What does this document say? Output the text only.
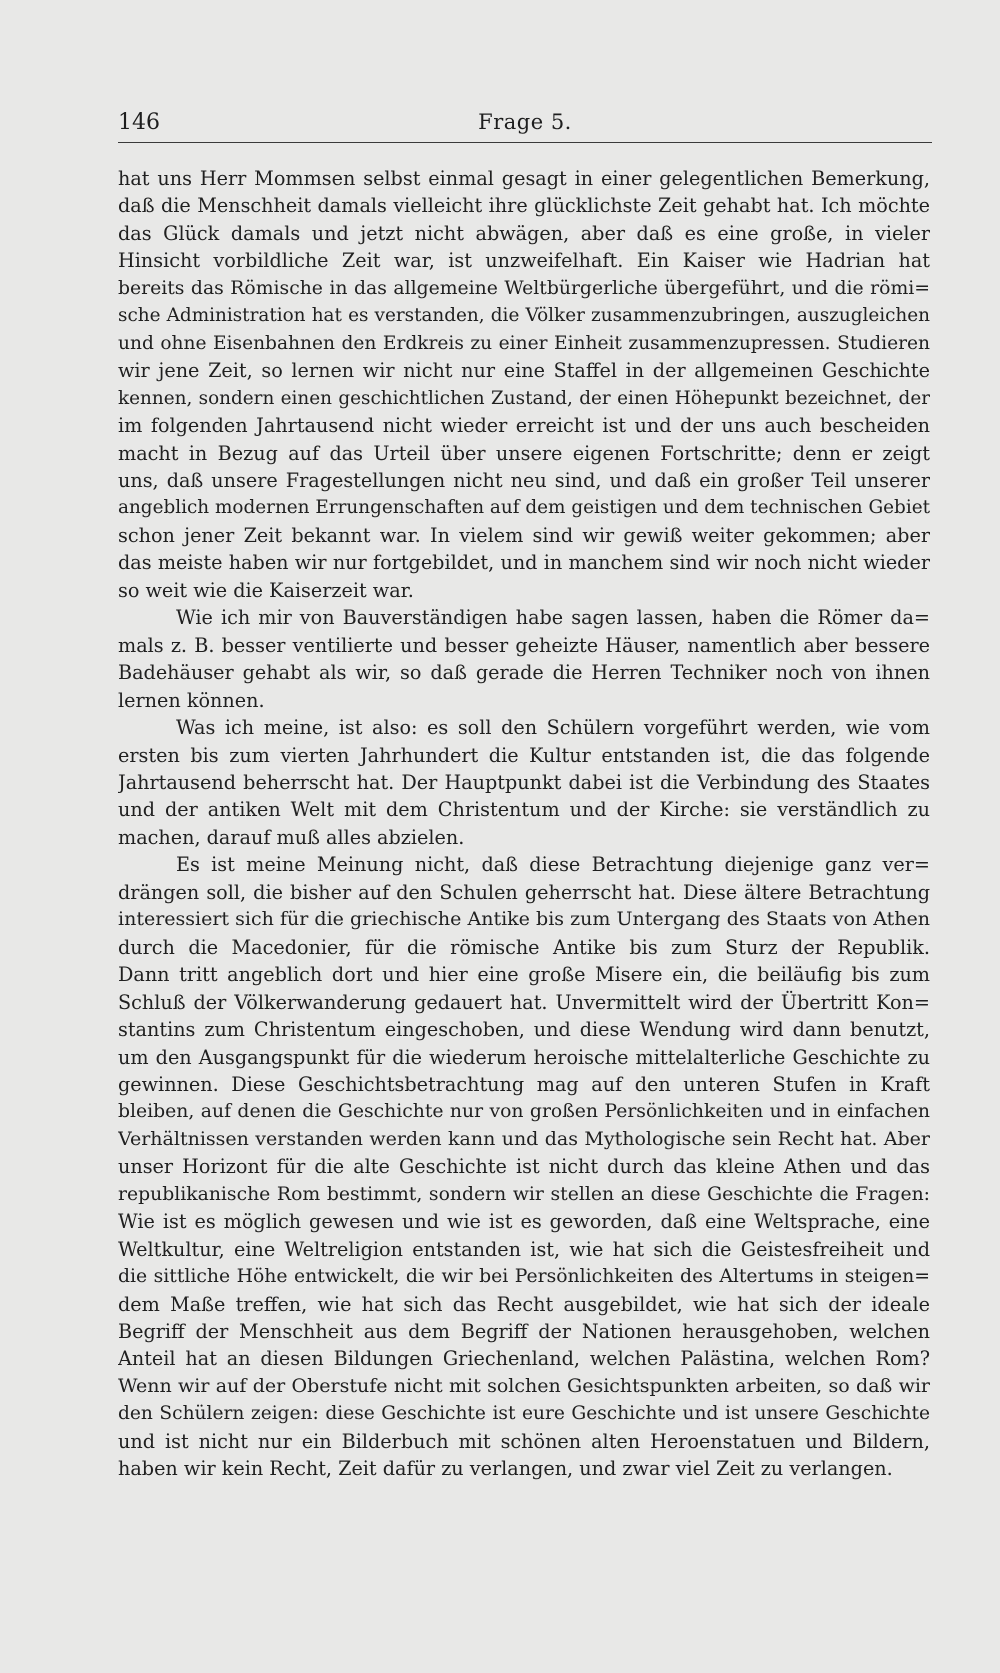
146	Frage 5.

hat uns Herr Mommsen selbst einmal gesagt in einer gelegentlichen Bemerkung,
daß die Menschheit damals vielleicht ihre glücklichste Zeit gehabt hat. Ich möchte
das Glück damals und jetzt nicht abwägen, aber daß es eine große, in vieler
Hinsicht vorbildliche Zeit war, ist unzweifelhaft. Ein Kaiser wie Hadrian hat
bereits das Römische in das allgemeine Weltbürgerliche übergeführt, und die römi=
sche Administration hat es verstanden, die Völker zusammenzubringen, auszugleichen
und ohne Eisenbahnen den Erdkreis zu einer Einheit zusammenzupressen. Studieren
wir jene Zeit, so lernen wir nicht nur eine Staffel in der allgemeinen Geschichte
kennen, sondern einen geschichtlichen Zustand, der einen Höhepunkt bezeichnet, der
im folgenden Jahrtausend nicht wieder erreicht ist und der uns auch bescheiden
macht in Bezug auf das Urteil über unsere eigenen Fortschritte; denn er zeigt
uns, daß unsere Fragestellungen nicht neu sind, und daß ein großer Teil unserer
angeblich modernen Errungenschaften auf dem geistigen und dem technischen Gebiet
schon jener Zeit bekannt war. In vielem sind wir gewiß weiter gekommen; aber
das meiste haben wir nur fortgebildet, und in manchem sind wir noch nicht wieder
so weit wie die Kaiserzeit war.

Wie ich mir von Bauverständigen habe sagen lassen, haben die Römer da=
mals z. B. besser ventilierte und besser geheizte Häuser, namentlich aber bessere
Badehäuser gehabt als wir, so daß gerade die Herren Techniker noch von ihnen
lernen können.

Was ich meine, ist also: es soll den Schülern vorgeführt werden, wie vom
ersten bis zum vierten Jahrhundert die Kultur entstanden ist, die das folgende
Jahrtausend beherrscht hat. Der Hauptpunkt dabei ist die Verbindung des Staates
und der antiken Welt mit dem Christentum und der Kirche: sie verständlich zu
machen, darauf muß alles abzielen.

Es ist meine Meinung nicht, daß diese Betrachtung diejenige ganz ver=
drängen soll, die bisher auf den Schulen geherrscht hat. Diese ältere Betrachtung
interessiert sich für die griechische Antike bis zum Untergang des Staats von Athen
durch die Macedonier, für die römische Antike bis zum Sturz der Republik.
Dann tritt angeblich dort und hier eine große Misere ein, die beiläufig bis zum
Schluß der Völkerwanderung gedauert hat. Unvermittelt wird der Übertritt Kon=
stantins zum Christentum eingeschoben, und diese Wendung wird dann benutzt,
um den Ausgangspunkt für die wiederum heroische mittelalterliche Geschichte zu
gewinnen. Diese Geschichtsbetrachtung mag auf den unteren Stufen in Kraft
bleiben, auf denen die Geschichte nur von großen Persönlichkeiten und in einfachen
Verhältnissen verstanden werden kann und das Mythologische sein Recht hat. Aber
unser Horizont für die alte Geschichte ist nicht durch das kleine Athen und das
republikanische Rom bestimmt, sondern wir stellen an diese Geschichte die Fragen:
Wie ist es möglich gewesen und wie ist es geworden, daß eine Weltsprache, eine
Weltkultur, eine Weltreligion entstanden ist, wie hat sich die Geistesfreiheit und
die sittliche Höhe entwickelt, die wir bei Persönlichkeiten des Altertums in steigen=
dem Maße treffen, wie hat sich das Recht ausgebildet, wie hat sich der ideale
Begriff der Menschheit aus dem Begriff der Nationen herausgehoben, welchen
Anteil hat an diesen Bildungen Griechenland, welchen Palästina, welchen Rom?
Wenn wir auf der Oberstufe nicht mit solchen Gesichtspunkten arbeiten, so daß wir
den Schülern zeigen: diese Geschichte ist eure Geschichte und ist unsere Geschichte
und ist nicht nur ein Bilderbuch mit schönen alten Heroenstatuen und Bildern,
haben wir kein Recht, Zeit dafür zu verlangen, und zwar viel Zeit zu verlangen.
